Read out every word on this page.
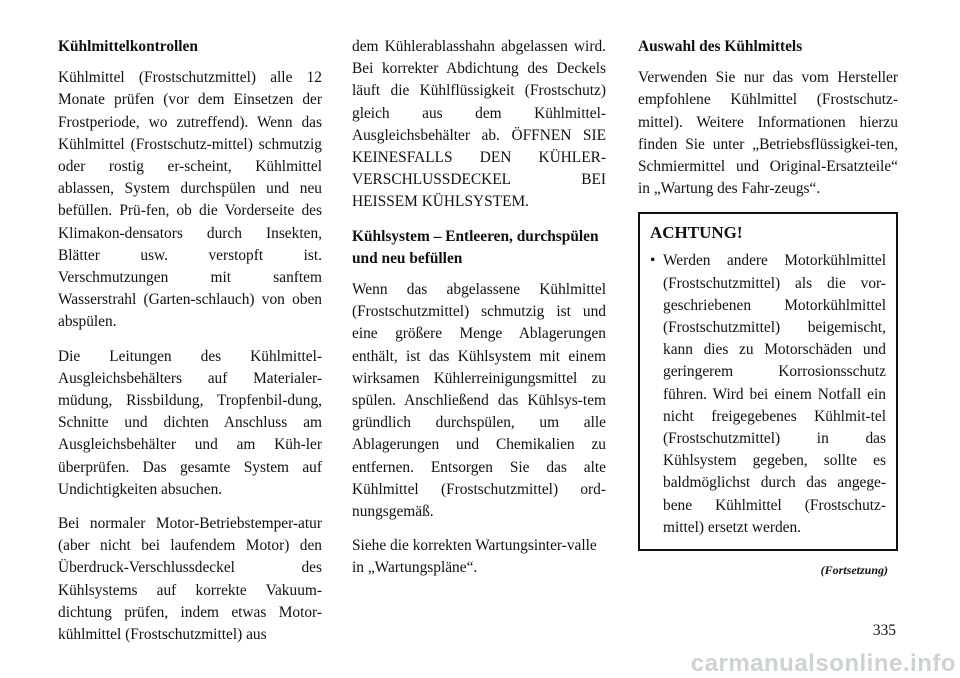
Kühlmittelkontrollen

Kühlmittel (Frostschutzmittel) alle 12 Monate prüfen (vor dem Einsetzen der Frostperiode, wo zutreffend). Wenn das Kühlmittel (Frostschutz-mittel) schmutzig oder rostig er-scheint, Kühlmittel ablassen, System durchspülen und neu befüllen. Prü-fen, ob die Vorderseite des Klimakon-densators durch Insekten, Blätter usw. verstopft ist. Verschmutzungen mit sanftem Wasserstrahl (Garten-schlauch) von oben abspülen.

Die Leitungen des Kühlmittel-Ausgleichsbehälters auf Materialer-müdung, Rissbildung, Tropfenbil-dung, Schnitte und dichten Anschluss am Ausgleichsbehälter und am Küh-ler überprüfen. Das gesamte System auf Undichtigkeiten absuchen.

Bei normaler Motor-Betriebstemper-atur (aber nicht bei laufendem Motor) den Überdruck-Verschlussdeckel des Kühlsystems auf korrekte Vakuum-dichtung prüfen, indem etwas Motor-kühlmittel (Frostschutzmittel) aus

dem Kühlerablasshahn abgelassen wird. Bei korrekter Abdichtung des Deckels läuft die Kühlflüssigkeit (Frostschutz) gleich aus dem Kühlmittel-Ausgleichsbehälter ab. ÖFFNEN SIE KEINESFALLS DEN KÜHLER-VERSCHLUSSDECKEL BEI HEISSEM KÜHLSYSTEM.

Kühlsystem – Entleeren, durchspülen und neu befüllen

Wenn das abgelassene Kühlmittel (Frostschutzmittel) schmutzig ist und eine größere Menge Ablagerungen enthält, ist das Kühlsystem mit einem wirksamen Kühlerreinigungsmittel zu spülen. Anschließend das Kühlsys-tem gründlich durchspülen, um alle Ablagerungen und Chemikalien zu entfernen. Entsorgen Sie das alte Kühlmittel (Frostschutzmittel) ord-nungsgemäß.

Siehe die korrekten Wartungsinter-valle in „Wartungspläne“.

Auswahl des Kühlmittels

Verwenden Sie nur das vom Hersteller empfohlene Kühlmittel (Frostschutz-mittel). Weitere Informationen hierzu finden Sie unter „Betriebsflüssigkei-ten, Schmiermittel und Original-Ersatzteile“ in „Wartung des Fahr-zeugs“.

ACHTUNG!
• Werden andere Motorkühlmittel (Frostschutzmittel) als die vor-geschriebenen Motorkühlmittel (Frostschutzmittel) beigemischt, kann dies zu Motorschäden und geringerem Korrosionsschutz führen. Wird bei einem Notfall ein nicht freigegebenes Kühlmit-tel (Frostschutzmittel) in das Kühlsystem gegeben, sollte es baldmöglichst durch das angege-bene Kühlmittel (Frostschutz-mittel) ersetzt werden.
(Fortsetzung)
335
carmanualsonline.info
